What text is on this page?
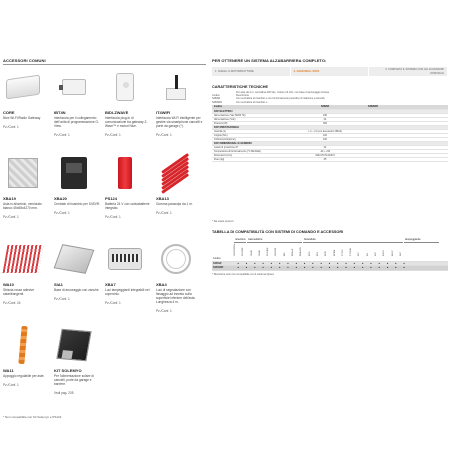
ACCESSORI COMUNI
CORE
Nice Wi-Fi/Radio Gateway
Pz./Conf. 1
IBT4N
Interfaccia per il collegamento dell'unità di programmazione O-View.
Pz./Conf. 1
BIDI-ZWAVE
Interfaccia plug-in di comunicazione tra gateway Z-Wave™ e motori Nice.
Pz./Conf. 1
IT4WIFI
Interfaccia Wi-Fi intelligente per gestire via smartphone cancelli e porte da garage (*).
Pz./Conf. 1
XBA19
Asta in alluminio, verniciato bianco 45x58x4270 mm.
Pz./Conf. 1
XBA20
Centrale di ricambio per S4SVR.
Pz./Conf. 1
PS124
Batteria 24 V con caricabatterie integrato.
Pz./Conf. 1
XBA13
Gomma paracolpi da 1 m.
Pz./Conf. 1
WA10
Striscia rosse adesive catarifrangenti.
Pz./Conf. 24
SIA1
Base di ancoraggio con zanche.
Pz./Conf. 1
XBA7
Luci lampeggianti integrabili nel coperchio.
Pz./Conf. 1
XBA4
Luci di segnalazione con fissaggio ad innesto sulla superficie inferiore dell'asta. Lunghezza 4 m.
Pz./Conf. 1
WA11
Appoggio regolabile per aste.
Pz./Conf. 1
KIT SOLEMYO
Per l'alimentazione solare di cancelli, porte da garage e barriere.
Vedi pag. 205
* Non compatibile con Kit Solemyo e PS124
PER OTTENERE UN SISTEMA ALZABARRIERA COMPLETO:
1. SCEGLI IL MOTORIDUTTORE	2. AGGIUNGI L'ASTA
3. COMPLETA IL SISTEMA CON GLI ACCESSORI OPZIONALI
CARATTERISTICHE TECNICHE
Per aste da 4 m, centralina 230 Vac, motore 24 Vdc, con base di ancoraggio inclusa.
Codice	Descrizione
S4BAR	Con centralina di ricambio e con funzionamento periodico di rotazione a velocità
S4BARR	Con centralina di ricambio e...
Codice	S4BAR	S4BARR
DATI ELETTRICI		
Alimentazione (Vac 50/60 Hz)	230	
Alimentazione (Vdc)	24	
Potenza (W)	300	
DATI PRESTAZIONALI		
Velocità (s)	≥ 4 - ≥ 6 (con accessorio XBA4)	
Coppia (Nm)	100	
Cicli/ore(cicli/giorno)	100	
DATI DIMENSIONALI E GENERICI		
Grado di protezione IP	44	
Temperatura di funzionamento (°C Min/Max)	-20 ÷ +50	
Dimensioni (mm)	320x170.5x1146.5	
Peso (kg)	35	
* Da usare sensori
TABELLA DI COMPATIBILITÀ CON SISTEMI DI COMANDO E ACCESSORI
ricevitore trasmettitore	fotocellule	lampeggiante
OXI/OXIFMx	FLO2RE	ON3E	ON9E	FLO4RE	ON2/4/6	BM	ERA-W	ERA-P/R	EPS	EPL	EPM	EPMB	FT210	FT210B	PHT	ML	MLT	ML24	ELDC	WLT
Codice
S4BAR	●	●	●	●	●	●	●	●	●	●	●	●	●	●	●	●	●	●	●	●	●
S4BARR	●	●	●	●	●	●	●	●	●	●	●	●	●	●	●	●	●	●	●	●	●
* Ricevitore solo con compatibile con il sistema Opera
